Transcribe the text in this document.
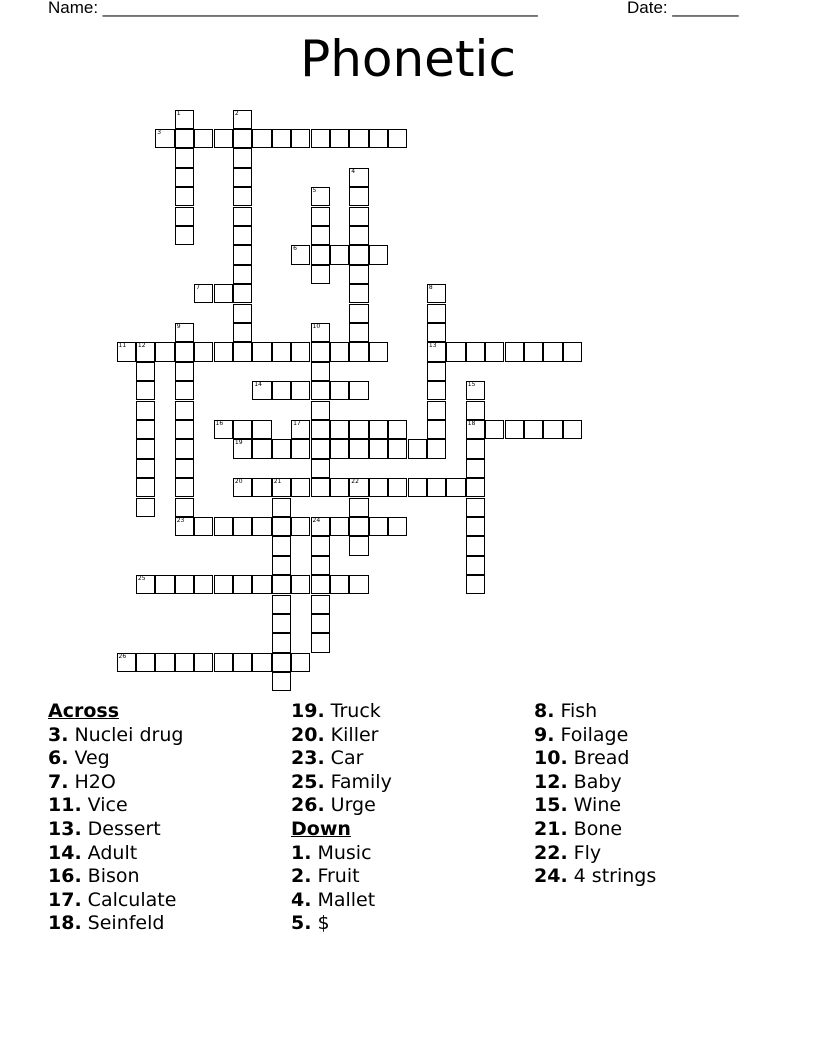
Name: ______________________________________________	Date: _______
Phonetic
3
6
7
11 12	13
14
16	17	18
19
20	21	22
23	24
25
26
1	2
4
5
8
9	10
15
Across
3. Nuclei drug
6. Veg
7. H2O
11. Vice
13. Dessert
14. Adult
16. Bison
17. Calculate
18. Seinfeld
19. Truck
20. Killer
23. Car
25. Family
26. Urge
Down
1. Music
2. Fruit
4. Mallet
5. $
8. Fish
9. Foilage
10. Bread
12. Baby
15. Wine
21. Bone
22. Fly
24. 4 strings
